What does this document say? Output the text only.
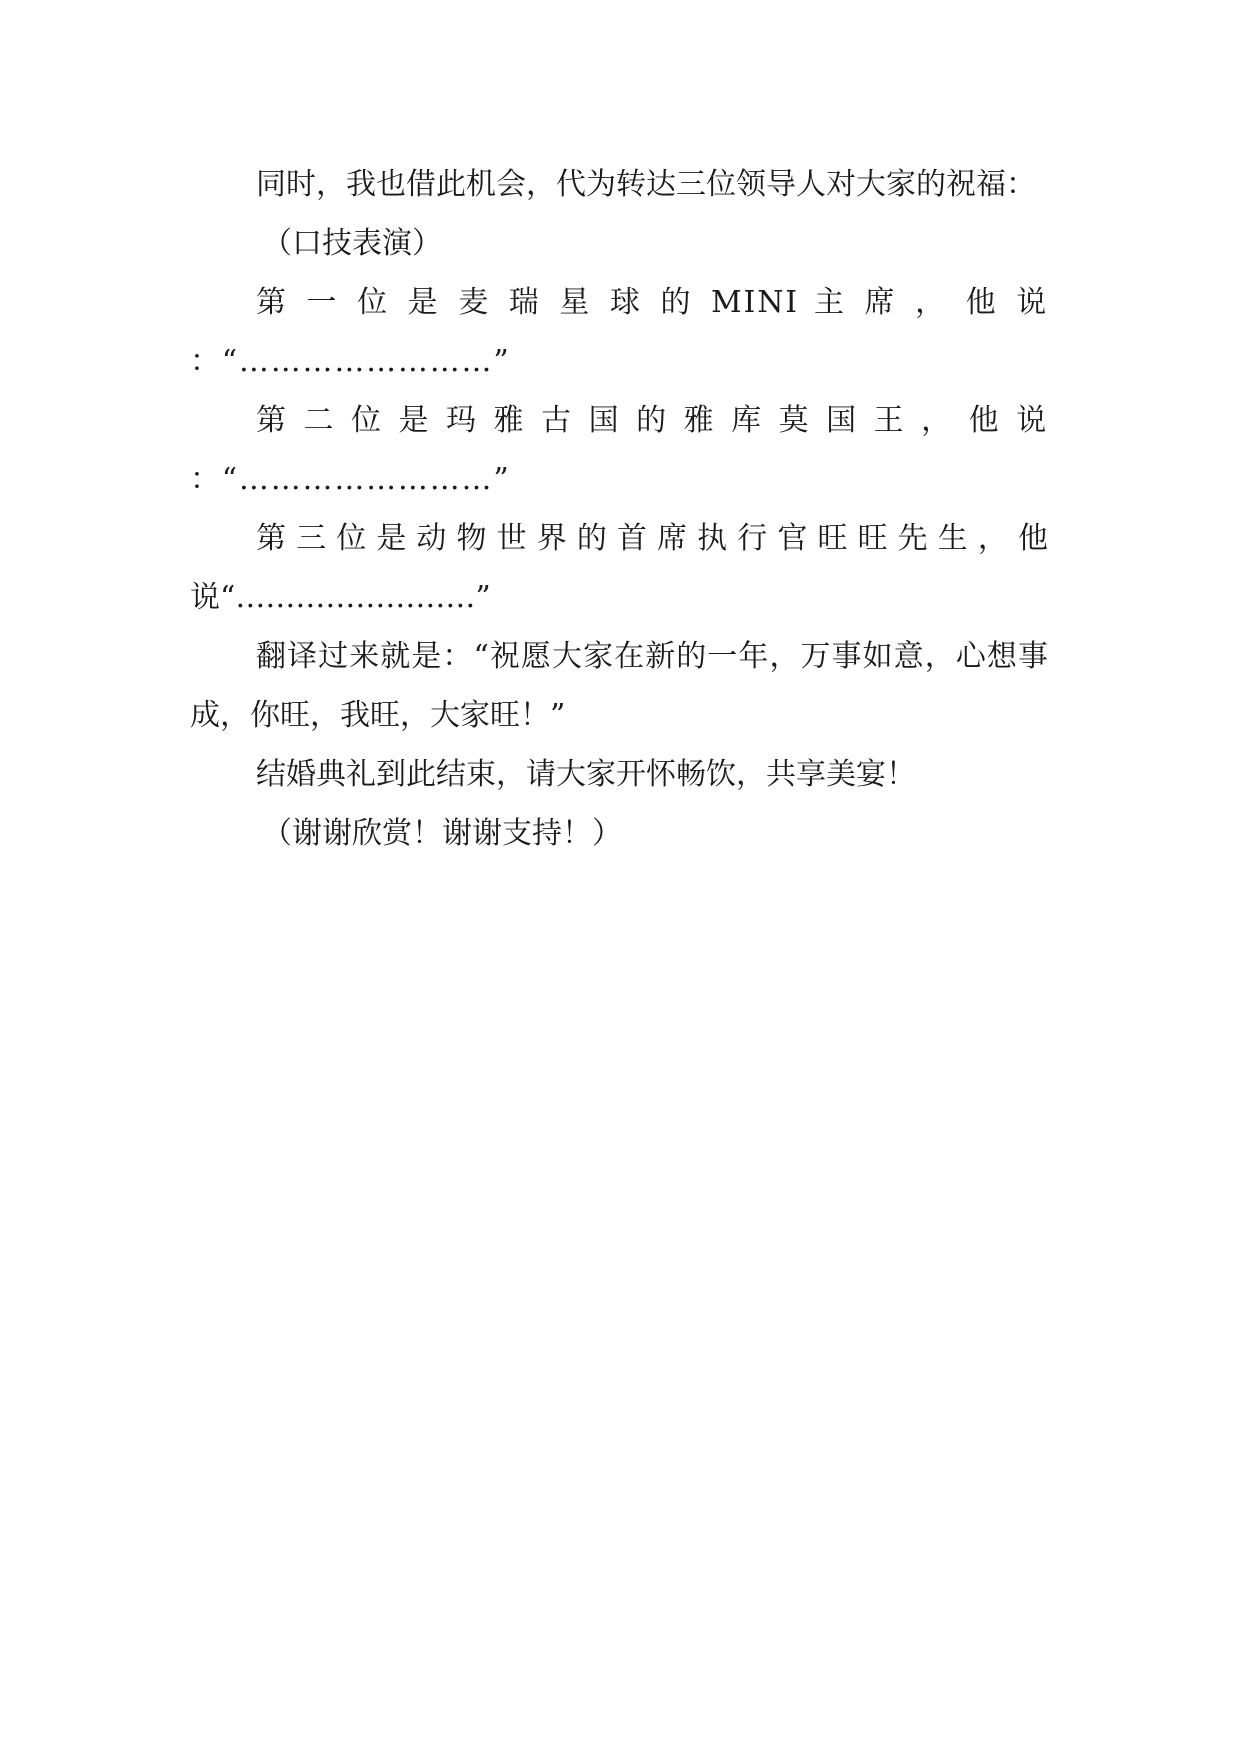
同时，我也借此机会，代为转达三位领导人对大家的祝福：

（口技表演）

第 一 位 是 麦 瑞 星 球 的 MINI 主 席 ， 他 说 ：“……………………”

第 二 位 是 玛 雅 古 国 的 雅 库 莫 国 王 ， 他 说 ：“……………………”

第三位是动物世界的首席执行官旺旺先生，他说“……………………”

翻译过来就是：“祝愿大家在新的一年，万事如意，心想事成，你旺，我旺，大家旺！”

结婚典礼到此结束，请大家开怀畅饮，共享美宴！

（谢谢欣赏！谢谢支持！）
